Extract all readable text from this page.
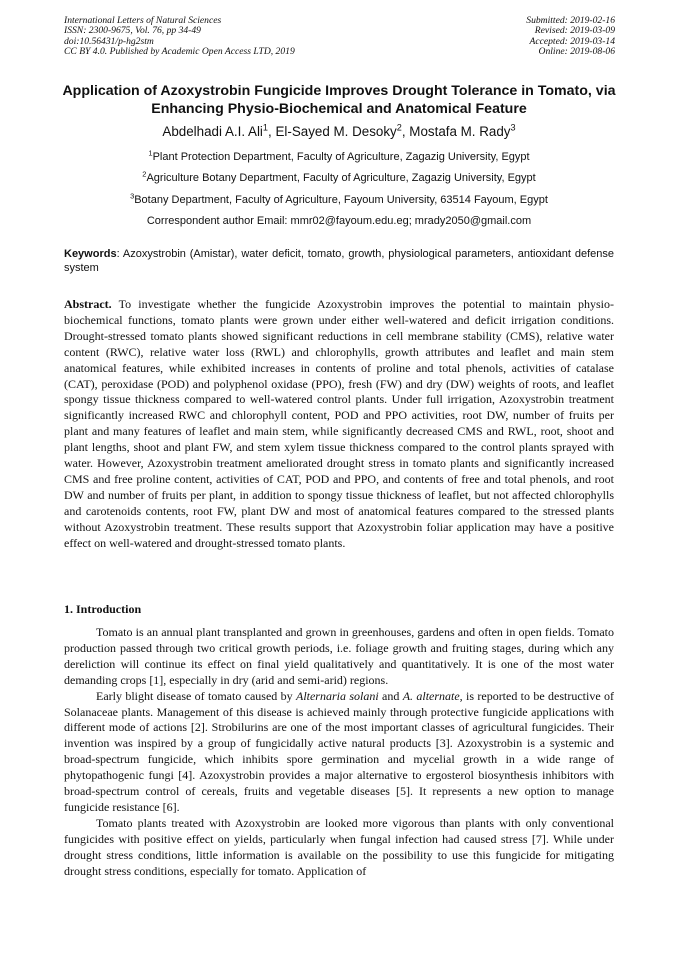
International Letters of Natural Sciences
ISSN: 2300-9675, Vol. 76, pp 34-49
doi:10.56431/p-hg2stm
CC BY 4.0. Published by Academic Open Access LTD, 2019
Submitted: 2019-02-16
Revised: 2019-03-09
Accepted: 2019-03-14
Online: 2019-08-06
Application of Azoxystrobin Fungicide Improves Drought Tolerance in Tomato, via Enhancing Physio-Biochemical and Anatomical Feature
Abdelhadi A.I. Ali$^1$, El-Sayed M. Desoky$^2$, Mostafa M. Rady$^3$
$^1$Plant Protection Department, Faculty of Agriculture, Zagazig University, Egypt
$^2$Agriculture Botany Department, Faculty of Agriculture, Zagazig University, Egypt
$^3$Botany Department, Faculty of Agriculture, Fayoum University, 63514 Fayoum, Egypt
Correspondent author Email: mmr02@fayoum.edu.eg; mrady2050@gmail.com
Keywords: Azoxystrobin (Amistar), water deficit, tomato, growth, physiological parameters, antioxidant defense system
Abstract. To investigate whether the fungicide Azoxystrobin improves the potential to maintain physio-biochemical functions, tomato plants were grown under either well-watered and deficit irrigation conditions. Drought-stressed tomato plants showed significant reductions in cell membrane stability (CMS), relative water content (RWC), relative water loss (RWL) and chlorophylls, growth attributes and leaflet and main stem anatomical features, while exhibited increases in contents of proline and total phenols, activities of catalase (CAT), peroxidase (POD) and polyphenol oxidase (PPO), fresh (FW) and dry (DW) weights of roots, and leaflet spongy tissue thickness compared to well-watered control plants. Under full irrigation, Azoxystrobin treatment significantly increased RWC and chlorophyll content, POD and PPO activities, root DW, number of fruits per plant and many features of leaflet and main stem, while significantly decreased CMS and RWL, root, shoot and plant lengths, shoot and plant FW, and stem xylem tissue thickness compared to the control plants sprayed with water. However, Azoxystrobin treatment ameliorated drought stress in tomato plants and significantly increased CMS and free proline content, activities of CAT, POD and PPO, and contents of free and total phenols, and root DW and number of fruits per plant, in addition to spongy tissue thickness of leaflet, but not affected chlorophylls and carotenoids contents, root FW, plant DW and most of anatomical features compared to the stressed plants without Azoxystrobin treatment. These results support that Azoxystrobin foliar application may have a positive effect on well-watered and drought-stressed tomato plants.
1. Introduction

Tomato is an annual plant transplanted and grown in greenhouses, gardens and often in open fields. Tomato production passed through two critical growth periods, i.e. foliage growth and fruiting stages, during which any dereliction will continue its effect on final yield qualitatively and quantitatively. It is one of the most water demanding crops [1], especially in dry (arid and semi-arid) regions.

Early blight disease of tomato caused by Alternaria solani and A. alternate, is reported to be destructive of Solanaceae plants. Management of this disease is achieved mainly through protective fungicide applications with different mode of actions [2]. Strobilurins are one of the most important classes of agricultural fungicides. Their invention was inspired by a group of fungicidally active natural products [3]. Azoxystrobin is a systemic and broad-spectrum fungicide, which inhibits spore germination and mycelial growth in a wide range of phytopathogenic fungi [4]. Azoxystrobin provides a major alternative to ergosterol biosynthesis inhibitors with broad-spectrum control of cereals, fruits and vegetable diseases [5]. It represents a new option to manage fungicide resistance [6].

Tomato plants treated with Azoxystrobin are looked more vigorous than plants with only conventional fungicides with positive effect on yields, particularly when fungal infection had caused stress [7]. While under drought stress conditions, little information is available on the possibility to use this fungicide for mitigating drought stress conditions, especially for tomato. Application of
